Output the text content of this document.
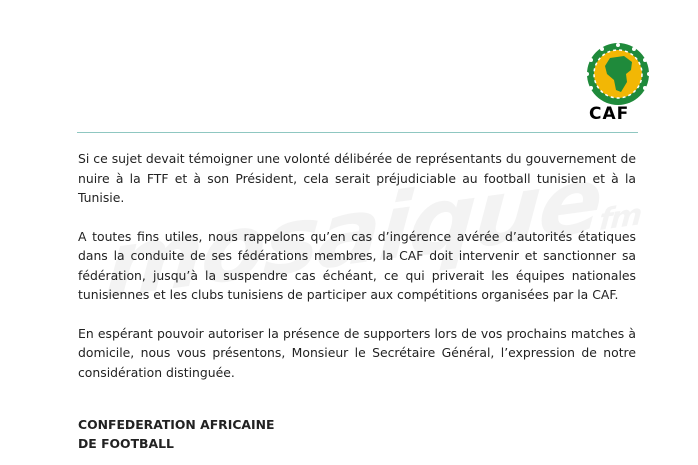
CAF

Si ce sujet devait témoigner une volonté délibérée de représentants du gouvernement de nuire à la FTF et à son Président, cela serait préjudiciable au football tunisien et à la Tunisie.

A toutes fins utiles, nous rappelons qu’en cas d’ingérence avérée d’autorités étatiques dans la conduite de ses fédérations membres, la CAF doit intervenir et sanctionner sa fédération, jusqu’à la suspendre cas échéant, ce qui priverait les équipes nationales tunisiennes et les clubs tunisiens de participer aux compétitions organisées par la CAF.

En espérant pouvoir autoriser la présence de supporters lors de vos prochains matches à domicile, nous vous présentons, Monsieur le Secrétaire Général, l’expression de notre considération distinguée.

CONFEDERATION AFRICAINE
DE FOOTBALL
